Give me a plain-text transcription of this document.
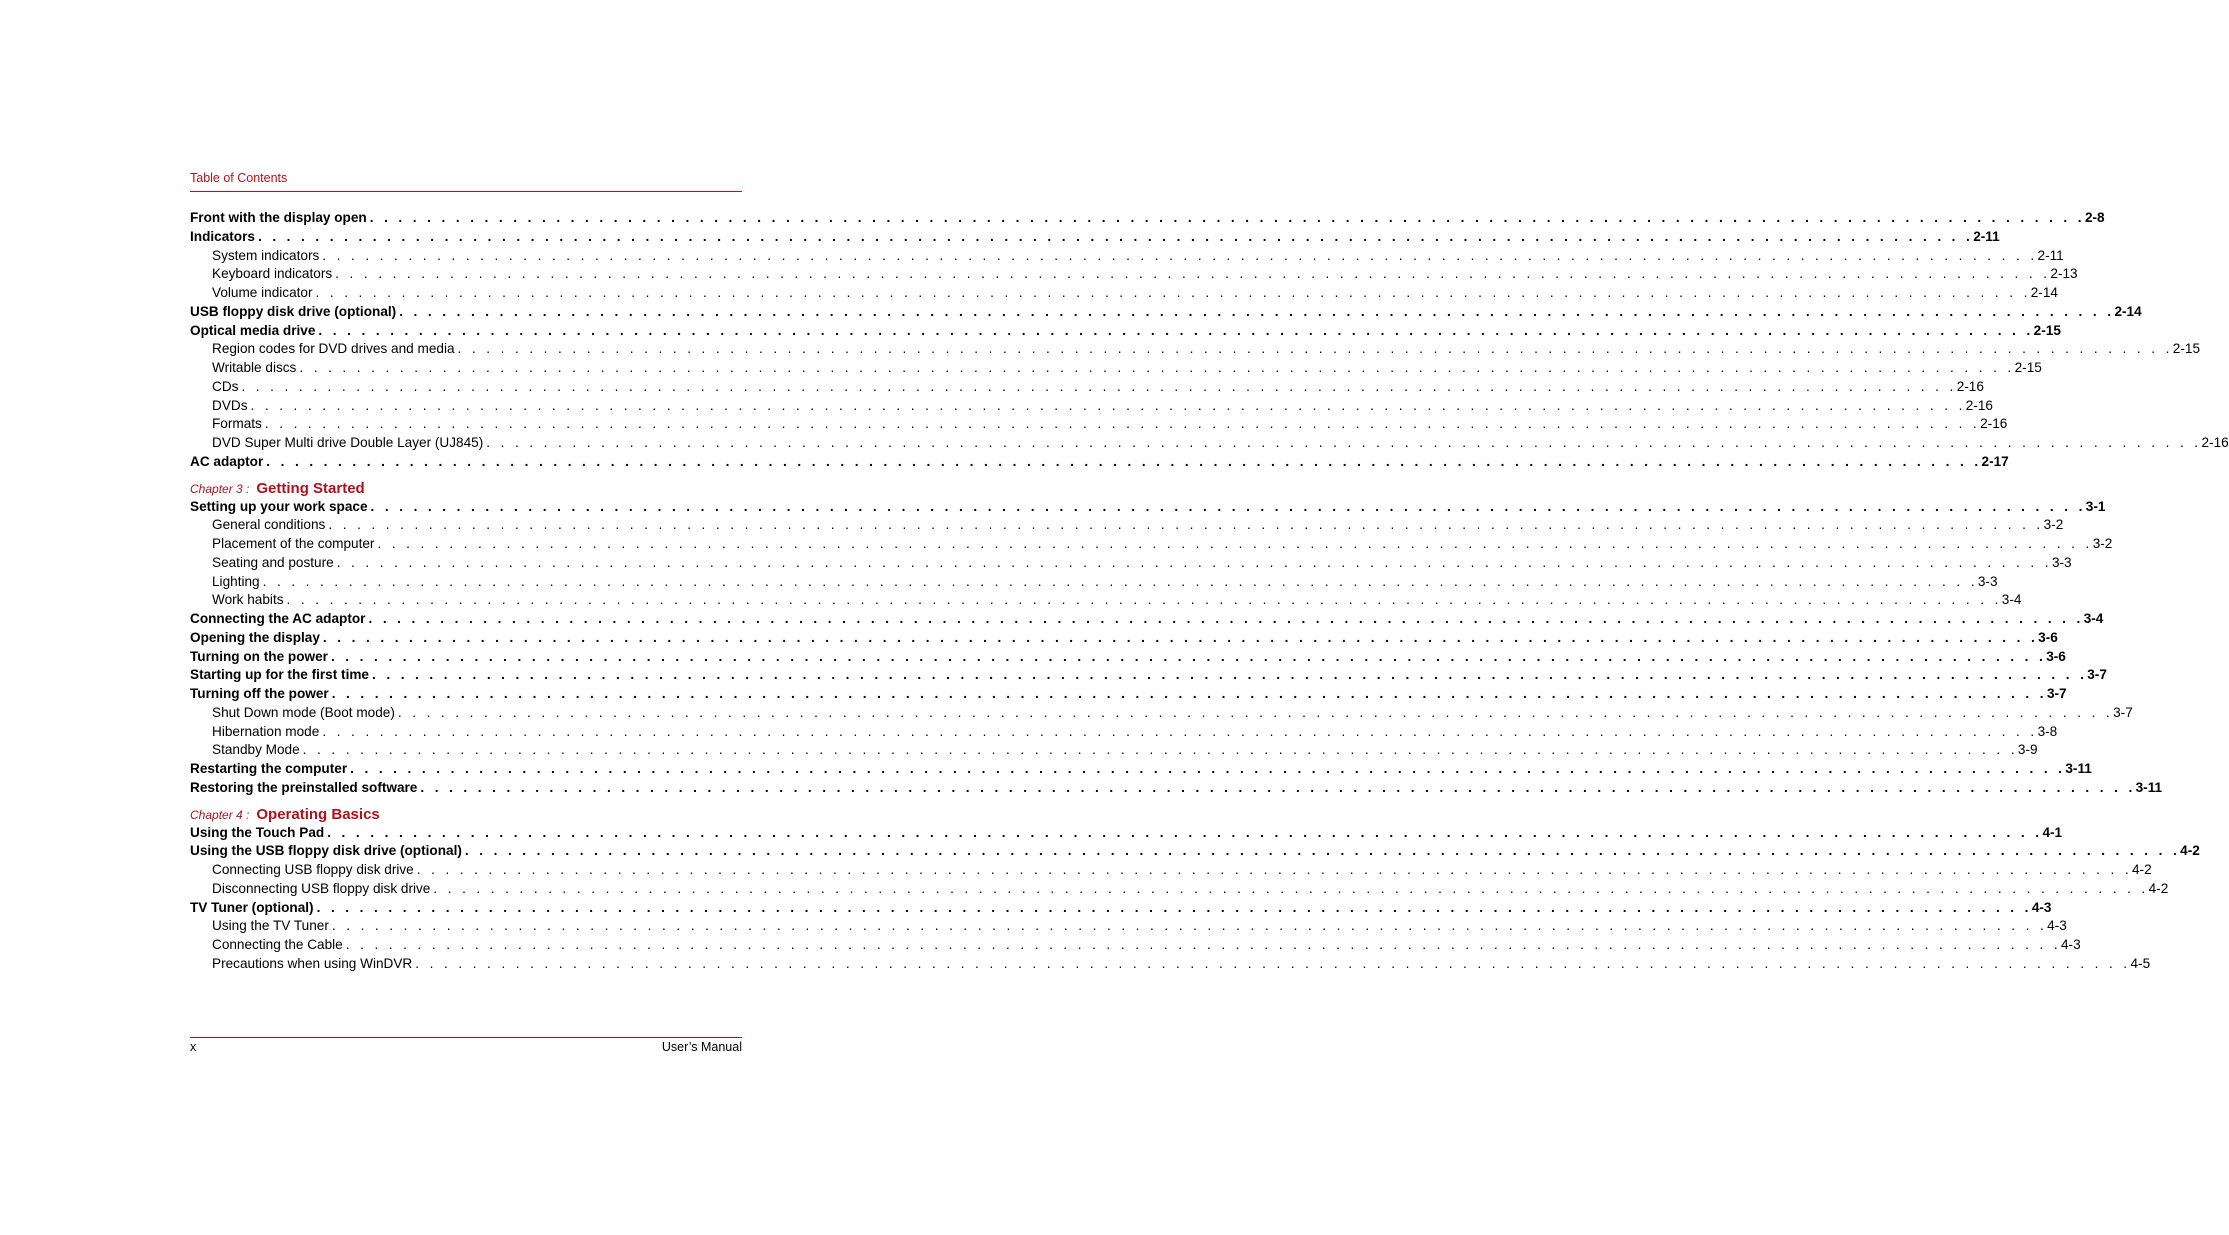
Table of Contents
Front with the display open . . . . . . . . . . . . . . . . . . . . . . . . . . . . . . . . . . . . . . . . . . . . . . . . . . . . . . . . . . . . . . . . . . . . . . . . . . . . . . . . . . . . . . . . . . . . . . . . . . . . . . . . . . . . . . . . . . . . . . . . 2-8
Indicators . . . . . . . . . . . . . . . . . . . . . . . . . . . . . . . . . . . . . . . . . . . . . . . . . . . . . . . . . . . . . . . . . . . . . . . . . . . . . . . . . . . . . . . . . . . . . . . . . . . . . . . . . . . . . . . . . . . . . . . . 2-11
System indicators . . . . . . . . . . . . . . . . . . . . . . . . . . . . . . . . . . . . . . . . . . . . . . . . . . . . . . . . . . . . . . . . . . . . . . . . . . . . . . . . . . . . . . . . . . . . . . . . . . . . . . . . . . . . . . . . . . . . . . . . 2-11
Keyboard indicators . . . . . . . . . . . . . . . . . . . . . . . . . . . . . . . . . . . . . . . . . . . . . . . . . . . . . . . . . . . . . . . . . . . . . . . . . . . . . . . . . . . . . . . . . . . . . . . . . . . . . . . . . . . . . . . . . . . . . . . . 2-13
Volume indicator . . . . . . . . . . . . . . . . . . . . . . . . . . . . . . . . . . . . . . . . . . . . . . . . . . . . . . . . . . . . . . . . . . . . . . . . . . . . . . . . . . . . . . . . . . . . . . . . . . . . . . . . . . . . . . . . . . . . . . . . 2-14
USB floppy disk drive (optional) . . . . . . . . . . . . . . . . . . . . . . . . . . . . . . . . . . . . . . . . . . . . . . . . . . . . . . . . . . . . . . . . . . . . . . . . . . . . . . . . . . . . . . . . . . . . . . . . . . . . . . . . . . . . . . . . . . . . . . . . 2-14
Optical media drive . . . . . . . . . . . . . . . . . . . . . . . . . . . . . . . . . . . . . . . . . . . . . . . . . . . . . . . . . . . . . . . . . . . . . . . . . . . . . . . . . . . . . . . . . . . . . . . . . . . . . . . . . . . . . . . . . . . . . . . . 2-15
Region codes for DVD drives and media . . . . . . . . . . . . . . . . . . . . . . . . . . . . . . . . . . . . . . . . . . . . . . . . . . . . . . . . . . . . . . . . . . . . . . . . . . . . . . . . . . . . . . . . . . . . . . . . . . . . . . . . . . . . . . . . . . . . . . . . 2-15
Writable discs . . . . . . . . . . . . . . . . . . . . . . . . . . . . . . . . . . . . . . . . . . . . . . . . . . . . . . . . . . . . . . . . . . . . . . . . . . . . . . . . . . . . . . . . . . . . . . . . . . . . . . . . . . . . . . . . . . . . . . . . 2-15
CDs . . . . . . . . . . . . . . . . . . . . . . . . . . . . . . . . . . . . . . . . . . . . . . . . . . . . . . . . . . . . . . . . . . . . . . . . . . . . . . . . . . . . . . . . . . . . . . . . . . . . . . . . . . . . . . . . . . . . . . . . 2-16
DVDs . . . . . . . . . . . . . . . . . . . . . . . . . . . . . . . . . . . . . . . . . . . . . . . . . . . . . . . . . . . . . . . . . . . . . . . . . . . . . . . . . . . . . . . . . . . . . . . . . . . . . . . . . . . . . . . . . . . . . . . . 2-16
Formats . . . . . . . . . . . . . . . . . . . . . . . . . . . . . . . . . . . . . . . . . . . . . . . . . . . . . . . . . . . . . . . . . . . . . . . . . . . . . . . . . . . . . . . . . . . . . . . . . . . . . . . . . . . . . . . . . . . . . . . . 2-16
DVD Super Multi drive Double Layer (UJ845) . . . . . . . . . . . . . . . . . . . . . . . . . . . . . . . . . . . . . . . . . . . . . . . . . . . . . . . . . . . . . . . . . . . . . . . . . . . . . . . . . . . . . . . . . . . . . . . . . . . . . . . . . . . . . . . . . . . . . . . . 2-16
AC adaptor . . . . . . . . . . . . . . . . . . . . . . . . . . . . . . . . . . . . . . . . . . . . . . . . . . . . . . . . . . . . . . . . . . . . . . . . . . . . . . . . . . . . . . . . . . . . . . . . . . . . . . . . . . . . . . . . . . . . . . . . 2-17
Chapter 3 : Getting Started
Setting up your work space . . . . . . . . . . . . . . . . . . . . . . . . . . . . . . . . . . . . . . . . . . . . . . . . . . . . . . . . . . . . . . . . . . . . . . . . . . . . . . . . . . . . . . . . . . . . . . . . . . . . . . . . . . . . . . . . . . . . . . . . 3-1
General conditions . . . . . . . . . . . . . . . . . . . . . . . . . . . . . . . . . . . . . . . . . . . . . . . . . . . . . . . . . . . . . . . . . . . . . . . . . . . . . . . . . . . . . . . . . . . . . . . . . . . . . . . . . . . . . . . . . . . . . . . . 3-2
Placement of the computer . . . . . . . . . . . . . . . . . . . . . . . . . . . . . . . . . . . . . . . . . . . . . . . . . . . . . . . . . . . . . . . . . . . . . . . . . . . . . . . . . . . . . . . . . . . . . . . . . . . . . . . . . . . . . . . . . . . . . . . . 3-2
Seating and posture . . . . . . . . . . . . . . . . . . . . . . . . . . . . . . . . . . . . . . . . . . . . . . . . . . . . . . . . . . . . . . . . . . . . . . . . . . . . . . . . . . . . . . . . . . . . . . . . . . . . . . . . . . . . . . . . . . . . . . . . 3-3
Lighting . . . . . . . . . . . . . . . . . . . . . . . . . . . . . . . . . . . . . . . . . . . . . . . . . . . . . . . . . . . . . . . . . . . . . . . . . . . . . . . . . . . . . . . . . . . . . . . . . . . . . . . . . . . . . . . . . . . . . . . . 3-3
Work habits . . . . . . . . . . . . . . . . . . . . . . . . . . . . . . . . . . . . . . . . . . . . . . . . . . . . . . . . . . . . . . . . . . . . . . . . . . . . . . . . . . . . . . . . . . . . . . . . . . . . . . . . . . . . . . . . . . . . . . . . 3-4
Connecting the AC adaptor . . . . . . . . . . . . . . . . . . . . . . . . . . . . . . . . . . . . . . . . . . . . . . . . . . . . . . . . . . . . . . . . . . . . . . . . . . . . . . . . . . . . . . . . . . . . . . . . . . . . . . . . . . . . . . . . . . . . . . . . 3-4
Opening the display . . . . . . . . . . . . . . . . . . . . . . . . . . . . . . . . . . . . . . . . . . . . . . . . . . . . . . . . . . . . . . . . . . . . . . . . . . . . . . . . . . . . . . . . . . . . . . . . . . . . . . . . . . . . . . . . . . . . . . . . 3-6
Turning on the power . . . . . . . . . . . . . . . . . . . . . . . . . . . . . . . . . . . . . . . . . . . . . . . . . . . . . . . . . . . . . . . . . . . . . . . . . . . . . . . . . . . . . . . . . . . . . . . . . . . . . . . . . . . . . . . . . . . . . . . . 3-6
Starting up for the first time . . . . . . . . . . . . . . . . . . . . . . . . . . . . . . . . . . . . . . . . . . . . . . . . . . . . . . . . . . . . . . . . . . . . . . . . . . . . . . . . . . . . . . . . . . . . . . . . . . . . . . . . . . . . . . . . . . . . . . . . 3-7
Turning off the power . . . . . . . . . . . . . . . . . . . . . . . . . . . . . . . . . . . . . . . . . . . . . . . . . . . . . . . . . . . . . . . . . . . . . . . . . . . . . . . . . . . . . . . . . . . . . . . . . . . . . . . . . . . . . . . . . . . . . . . . 3-7
Shut Down mode (Boot mode) . . . . . . . . . . . . . . . . . . . . . . . . . . . . . . . . . . . . . . . . . . . . . . . . . . . . . . . . . . . . . . . . . . . . . . . . . . . . . . . . . . . . . . . . . . . . . . . . . . . . . . . . . . . . . . . . . . . . . . . . 3-7
Hibernation mode . . . . . . . . . . . . . . . . . . . . . . . . . . . . . . . . . . . . . . . . . . . . . . . . . . . . . . . . . . . . . . . . . . . . . . . . . . . . . . . . . . . . . . . . . . . . . . . . . . . . . . . . . . . . . . . . . . . . . . . . 3-8
Standby Mode . . . . . . . . . . . . . . . . . . . . . . . . . . . . . . . . . . . . . . . . . . . . . . . . . . . . . . . . . . . . . . . . . . . . . . . . . . . . . . . . . . . . . . . . . . . . . . . . . . . . . . . . . . . . . . . . . . . . . . . . 3-9
Restarting the computer . . . . . . . . . . . . . . . . . . . . . . . . . . . . . . . . . . . . . . . . . . . . . . . . . . . . . . . . . . . . . . . . . . . . . . . . . . . . . . . . . . . . . . . . . . . . . . . . . . . . . . . . . . . . . . . . . . . . . . . . 3-11
Restoring the preinstalled software . . . . . . . . . . . . . . . . . . . . . . . . . . . . . . . . . . . . . . . . . . . . . . . . . . . . . . . . . . . . . . . . . . . . . . . . . . . . . . . . . . . . . . . . . . . . . . . . . . . . . . . . . . . . . . . . . . . . . . . . 3-11
Chapter 4 : Operating Basics
Using the Touch Pad . . . . . . . . . . . . . . . . . . . . . . . . . . . . . . . . . . . . . . . . . . . . . . . . . . . . . . . . . . . . . . . . . . . . . . . . . . . . . . . . . . . . . . . . . . . . . . . . . . . . . . . . . . . . . . . . . . . . . . . . 4-1
Using the USB floppy disk drive (optional) . . . . . . . . . . . . . . . . . . . . . . . . . . . . . . . . . . . . . . . . . . . . . . . . . . . . . . . . . . . . . . . . . . . . . . . . . . . . . . . . . . . . . . . . . . . . . . . . . . . . . . . . . . . . . . . . . . . . . . . . 4-2
Connecting USB floppy disk drive . . . . . . . . . . . . . . . . . . . . . . . . . . . . . . . . . . . . . . . . . . . . . . . . . . . . . . . . . . . . . . . . . . . . . . . . . . . . . . . . . . . . . . . . . . . . . . . . . . . . . . . . . . . . . . . . . . . . . . . . 4-2
Disconnecting USB floppy disk drive . . . . . . . . . . . . . . . . . . . . . . . . . . . . . . . . . . . . . . . . . . . . . . . . . . . . . . . . . . . . . . . . . . . . . . . . . . . . . . . . . . . . . . . . . . . . . . . . . . . . . . . . . . . . . . . . . . . . . . . . 4-2
TV Tuner (optional) . . . . . . . . . . . . . . . . . . . . . . . . . . . . . . . . . . . . . . . . . . . . . . . . . . . . . . . . . . . . . . . . . . . . . . . . . . . . . . . . . . . . . . . . . . . . . . . . . . . . . . . . . . . . . . . . . . . . . . . . 4-3
Using the TV Tuner . . . . . . . . . . . . . . . . . . . . . . . . . . . . . . . . . . . . . . . . . . . . . . . . . . . . . . . . . . . . . . . . . . . . . . . . . . . . . . . . . . . . . . . . . . . . . . . . . . . . . . . . . . . . . . . . . . . . . . . . 4-3
Connecting the Cable . . . . . . . . . . . . . . . . . . . . . . . . . . . . . . . . . . . . . . . . . . . . . . . . . . . . . . . . . . . . . . . . . . . . . . . . . . . . . . . . . . . . . . . . . . . . . . . . . . . . . . . . . . . . . . . . . . . . . . . . 4-3
Precautions when using WinDVR . . . . . . . . . . . . . . . . . . . . . . . . . . . . . . . . . . . . . . . . . . . . . . . . . . . . . . . . . . . . . . . . . . . . . . . . . . . . . . . . . . . . . . . . . . . . . . . . . . . . . . . . . . . . . . . . . . . . . . . . 4-5
x	User’s Manual
